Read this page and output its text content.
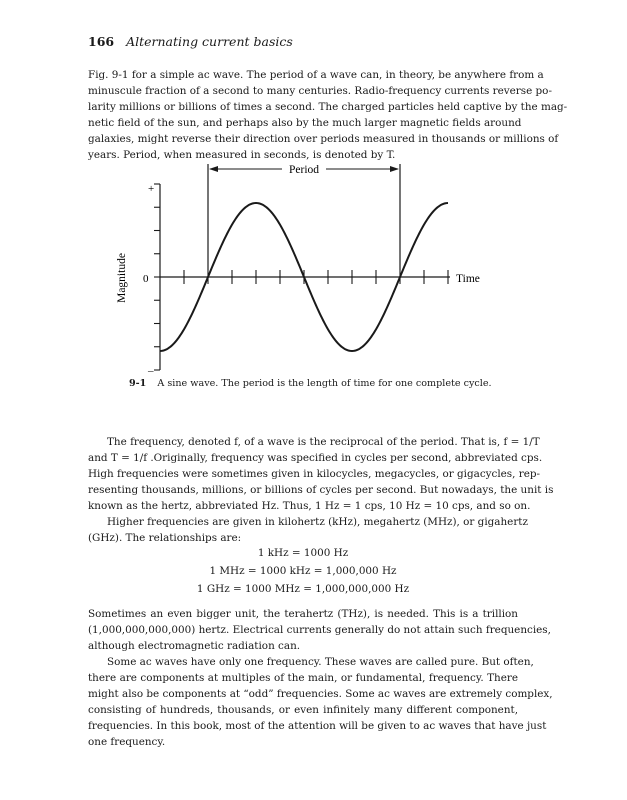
166 Alternating current basics

Fig. 9-1 for a simple ac wave. The period of a wave can, in theory, be anywhere from a
minuscule fraction of a second to many centuries. Radio-frequency currents reverse po-
larity millions or billions of times a second. The charged particles held captive by the mag-
netic field of the sun, and perhaps also by the much larger magnetic fields around
galaxies, might reverse their direction over periods measured in thousands or millions of
years. Period, when measured in seconds, is denoted by T.

Period
+
0
–
Magnitude	Time
9-1 A sine wave. The period is the length of time for one complete cycle.

The frequency, denoted f, of a wave is the reciprocal of the period. That is, f = 1/T
and T = 1/f .Originally, frequency was specified in cycles per second, abbreviated cps.
High frequencies were sometimes given in kilocycles, megacycles, or gigacycles, rep-
resenting thousands, millions, or billions of cycles per second. But nowadays, the unit is
known as the hertz, abbreviated Hz. Thus, 1 Hz = 1 cps, 10 Hz = 10 cps, and so on.

Higher frequencies are given in kilohertz (kHz), megahertz (MHz), or gigahertz
(GHz). The relationships are:

1 kHz = 1000 Hz
1 MHz = 1000 kHz = 1,000,000 Hz
1 GHz = 1000 MHz = 1,000,000,000 Hz

Sometimes an even bigger unit, the terahertz (THz), is needed. This is a trillion
(1,000,000,000,000) hertz. Electrical currents generally do not attain such frequencies,
although electromagnetic radiation can.

Some ac waves have only one frequency. These waves are called pure. But often,
there are components at multiples of the main, or fundamental, frequency. There
might also be components at “odd” frequencies. Some ac waves are extremely complex,
consisting of hundreds, thousands, or even infinitely many different component,
frequencies. In this book, most of the attention will be given to ac waves that have just
one frequency.
